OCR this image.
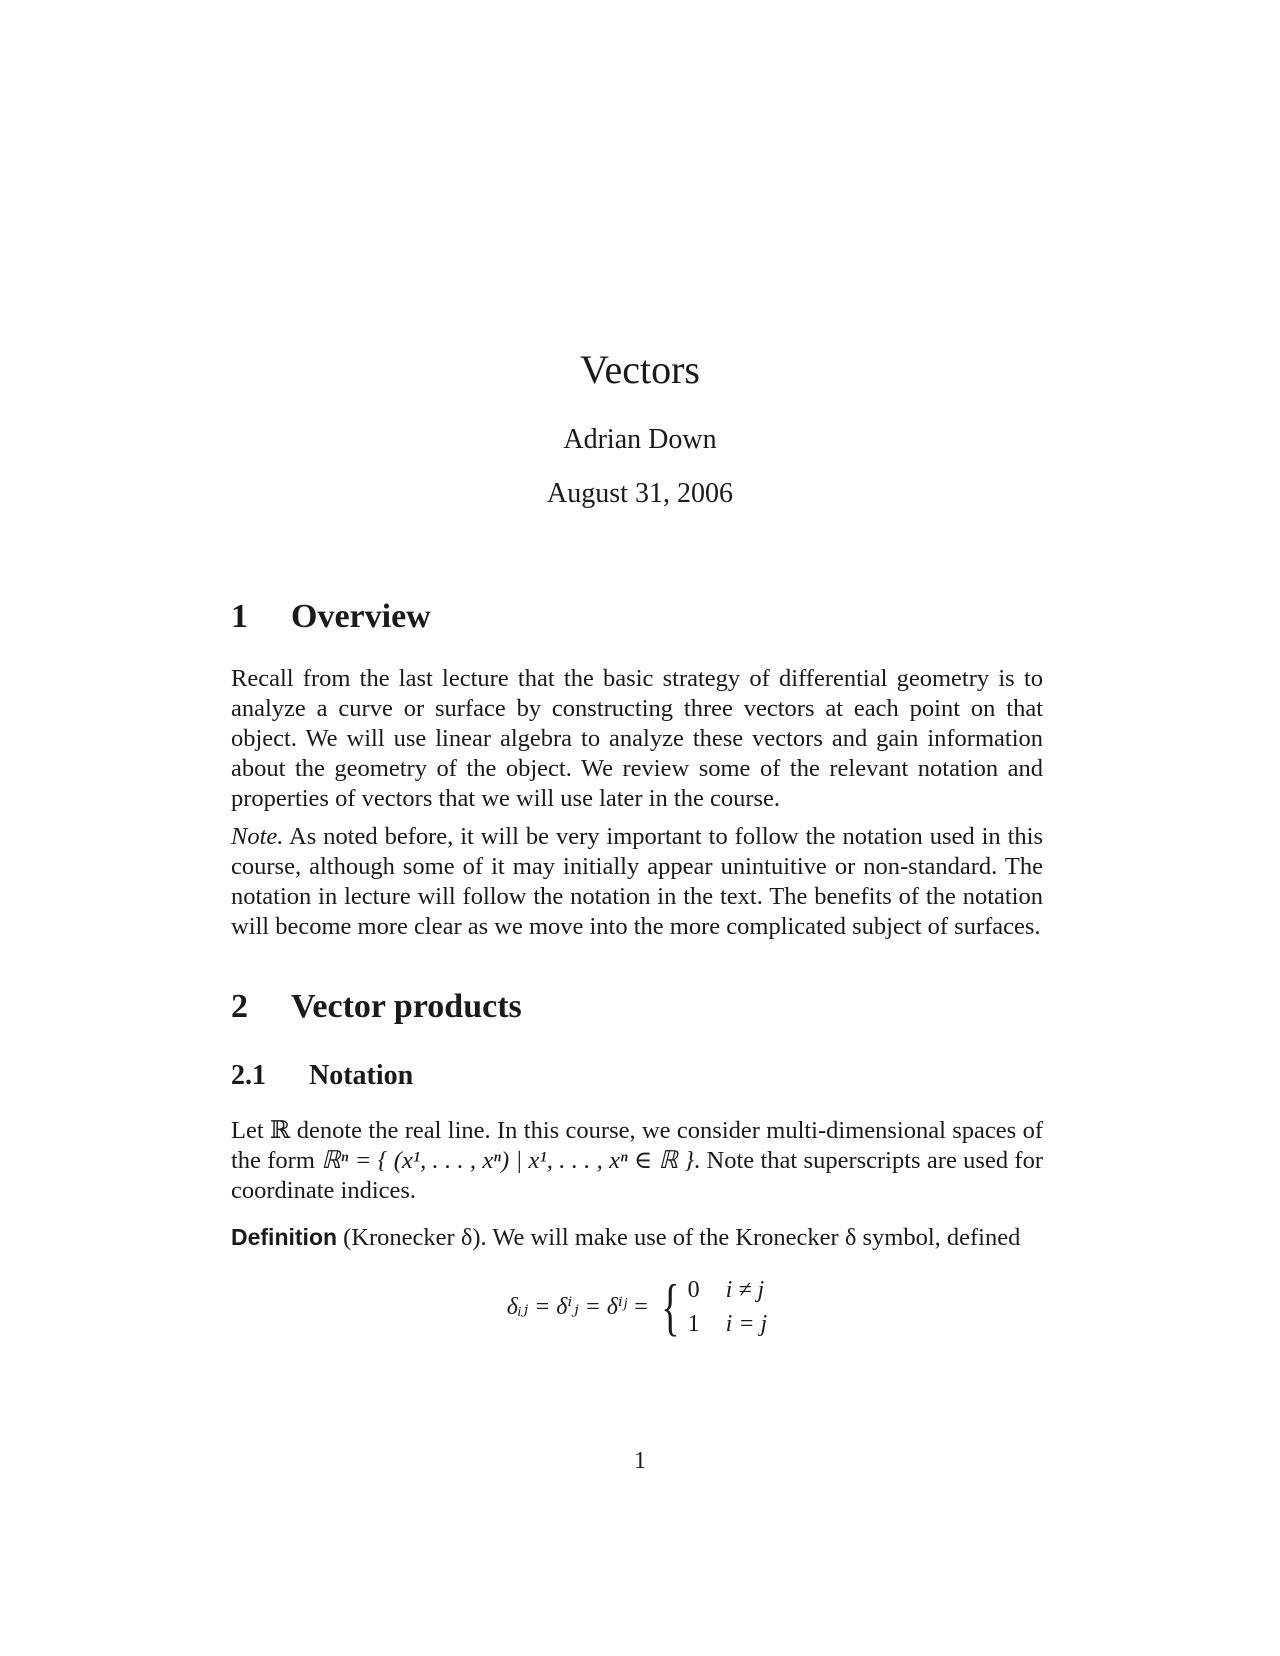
Vectors
Adrian Down
August 31, 2006
1 Overview

Recall from the last lecture that the basic strategy of differential geometry is to analyze a curve or surface by constructing three vectors at each point on that object. We will use linear algebra to analyze these vectors and gain information about the geometry of the object. We review some of the relevant notation and properties of vectors that we will use later in the course.

Note. As noted before, it will be very important to follow the notation used in this course, although some of it may initially appear unintuitive or non-standard. The notation in lecture will follow the notation in the text. The benefits of the notation will become more clear as we move into the more complicated subject of surfaces.

2 Vector products
2.1 Notation

Let ℝ denote the real line. In this course, we consider multi-dimensional spaces of the form ℝⁿ = { (x¹, . . . , xⁿ) | x¹, . . . , xⁿ ∈ ℝ }. Note that superscripts are used for coordinate indices.

Definition (Kronecker δ). We will make use of the Kronecker δ symbol, defined

δᵢⱼ = δⁱⱼ = δⁱʲ = { 0 i ≠ j
1 i = j
1
